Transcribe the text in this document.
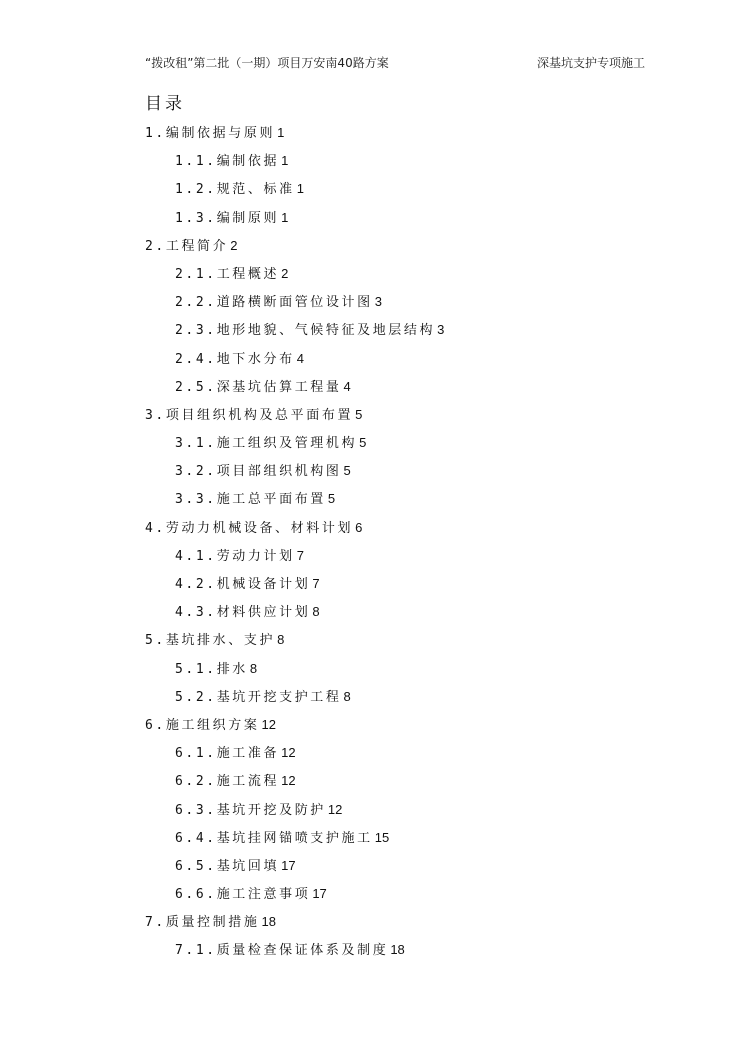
“拨改租”第二批（一期）项目万安南40路方案	深基坑支护专项施工
目录
1.编制依据与原则 1
1.1.编制依据 1
1.2.规范、标准 1
1.3.编制原则 1
2.工程简介 2
2.1.工程概述 2
2.2.道路横断面管位设计图 3
2.3.地形地貌、气候特征及地层结构 3
2.4.地下水分布 4
2.5.深基坑估算工程量 4
3.项目组织机构及总平面布置 5
3.1.施工组织及管理机构 5
3.2.项目部组织机构图 5
3.3.施工总平面布置 5
4.劳动力机械设备、材料计划 6
4.1.劳动力计划 7
4.2.机械设备计划 7
4.3.材料供应计划 8
5.基坑排水、支护 8
5.1.排水 8
5.2.基坑开挖支护工程 8
6.施工组织方案 12
6.1.施工准备 12
6.2.施工流程 12
6.3.基坑开挖及防护 12
6.4.基坑挂网锚喷支护施工 15
6.5.基坑回填 17
6.6.施工注意事项 17
7.质量控制措施 18
7.1.质量检查保证体系及制度 18
